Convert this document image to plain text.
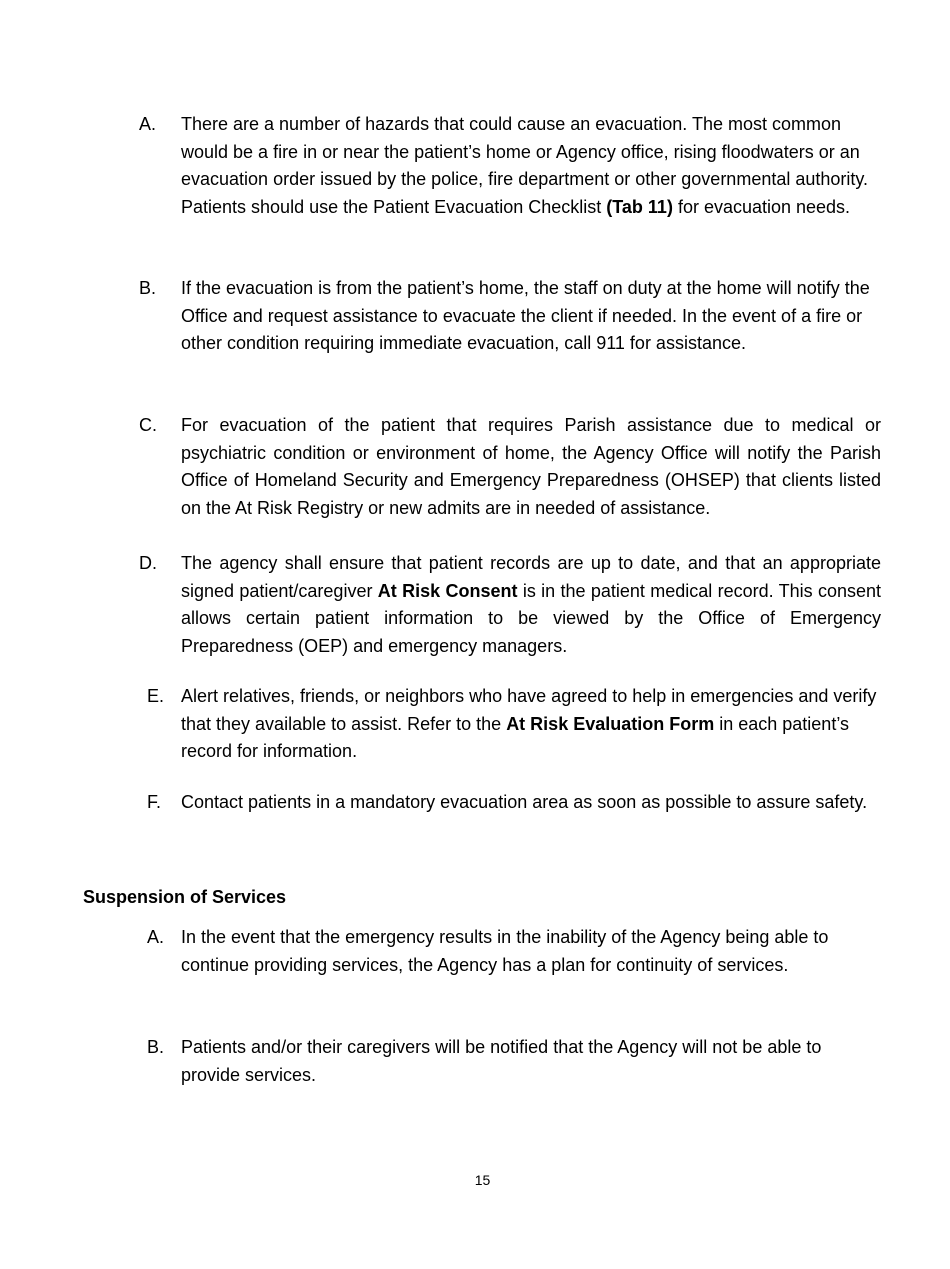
A. There are a number of hazards that could cause an evacuation. The most common would be a fire in or near the patient’s home or Agency office, rising floodwaters or an evacuation order issued by the police, fire department or other governmental authority. Patients should use the Patient Evacuation Checklist (Tab 11) for evacuation needs.
B. If the evacuation is from the patient’s home, the staff on duty at the home will notify the Office and request assistance to evacuate the client if needed. In the event of a fire or other condition requiring immediate evacuation, call 911 for assistance.
C. For evacuation of the patient that requires Parish assistance due to medical or psychiatric condition or environment of home, the Agency Office will notify the Parish Office of Homeland Security and Emergency Preparedness (OHSEP) that clients listed on the At Risk Registry or new admits are in needed of assistance.
D. The agency shall ensure that patient records are up to date, and that an appropriate signed patient/caregiver At Risk Consent is in the patient medical record. This consent allows certain patient information to be viewed by the Office of Emergency Preparedness (OEP) and emergency managers.
E. Alert relatives, friends, or neighbors who have agreed to help in emergencies and verify that they available to assist. Refer to the At Risk Evaluation Form in each patient’s record for information.
F. Contact patients in a mandatory evacuation area as soon as possible to assure safety.
Suspension of Services
A. In the event that the emergency results in the inability of the Agency being able to continue providing services, the Agency has a plan for continuity of services.
B. Patients and/or their caregivers will be notified that the Agency will not be able to provide services.
15
